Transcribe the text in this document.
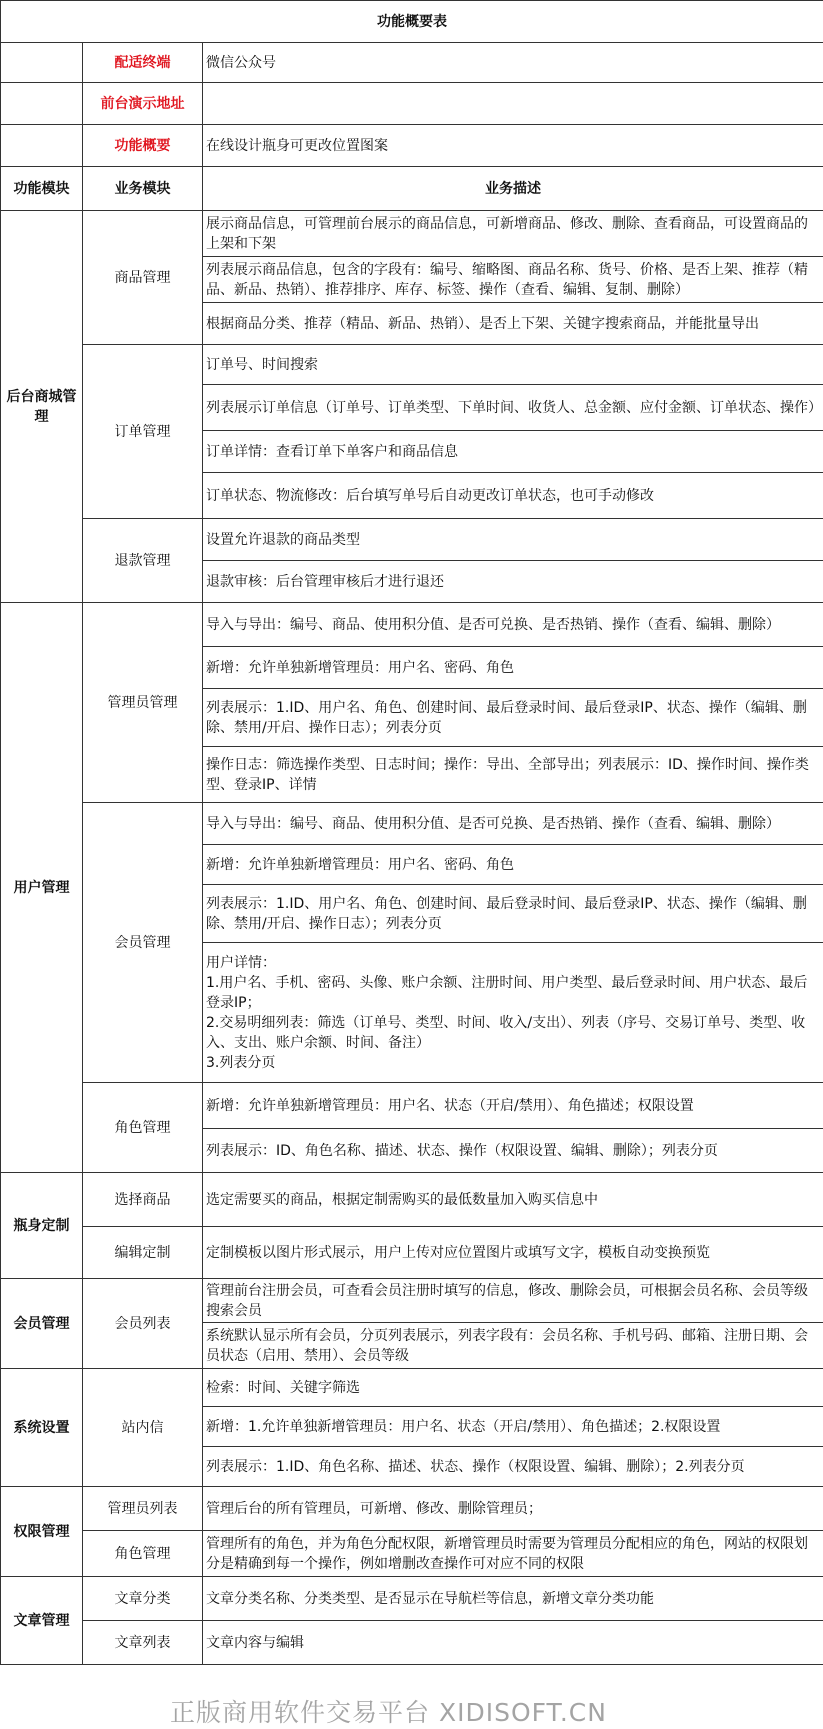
功能概要表		
	配适终端	微信公众号
	前台演示地址	
	功能概要	在线设计瓶身可更改位置图案
功能模块	业务模块	业务描述
后台商城管理	商品管理	展示商品信息，可管理前台展示的商品信息，可新增商品、修改、删除、查看商品，可设置商品的上架和下架
		列表展示商品信息，包含的字段有：编号、缩略图、商品名称、货号、价格、是否上架、推荐（精品、新品、热销）、推荐排序、库存、标签、操作（查看、编辑、复制、删除）
		根据商品分类、推荐（精品、新品、热销）、是否上下架、关键字搜索商品，并能批量导出
	订单管理	订单号、时间搜索
		列表展示订单信息（订单号、订单类型、下单时间、收货人、总金额、应付金额、订单状态、操作）
		订单详情：查看订单下单客户和商品信息
		订单状态、物流修改：后台填写单号后自动更改订单状态，也可手动修改
	退款管理	设置允许退款的商品类型
		退款审核：后台管理审核后才进行退还
用户管理	管理员管理	导入与导出：编号、商品、使用积分值、是否可兑换、是否热销、操作（查看、编辑、删除）
		新增：允许单独新增管理员：用户名、密码、角色
		列表展示：1.ID、用户名、角色、创建时间、最后登录时间、最后登录IP、状态、操作（编辑、删除、禁用/开启、操作日志）；列表分页
		操作日志：筛选操作类型、日志时间；操作：导出、全部导出；列表展示：ID、操作时间、操作类型、登录IP、详情
	会员管理	导入与导出：编号、商品、使用积分值、是否可兑换、是否热销、操作（查看、编辑、删除）
		新增：允许单独新增管理员：用户名、密码、角色
		列表展示：1.ID、用户名、角色、创建时间、最后登录时间、最后登录IP、状态、操作（编辑、删除、禁用/开启、操作日志）；列表分页

		用户详情：
1.用户名、手机、密码、头像、账户余额、注册时间、用户类型、最后登录时间、用户状态、最后登录IP；
2.交易明细列表：筛选（订单号、类型、时间、收入/支出）、列表（序号、交易订单号、类型、收入、支出、账户余额、时间、备注）
3.列表分页

	角色管理	新增：允许单独新增管理员：用户名、状态（开启/禁用）、角色描述；权限设置
		列表展示：ID、角色名称、描述、状态、操作（权限设置、编辑、删除）；列表分页
瓶身定制	选择商品	选定需要买的商品，根据定制需购买的最低数量加入购买信息中
	编辑定制	定制模板以图片形式展示，用户上传对应位置图片或填写文字，模板自动变换预览
会员管理	会员列表	管理前台注册会员，可查看会员注册时填写的信息，修改、删除会员，可根据会员名称、会员等级搜索会员
		系统默认显示所有会员，分页列表展示，列表字段有：会员名称、手机号码、邮箱、注册日期、会员状态（启用、禁用）、会员等级
系统设置	站内信	检索：时间、关键字筛选
		新增：1.允许单独新增管理员：用户名、状态（开启/禁用）、角色描述；2.权限设置
		列表展示：1.ID、角色名称、描述、状态、操作（权限设置、编辑、删除）；2.列表分页
权限管理	管理员列表	管理后台的所有管理员，可新增、修改、删除管理员；
	角色管理	管理所有的角色，并为角色分配权限，新增管理员时需要为管理员分配相应的角色，网站的权限划分是精确到每一个操作，例如增删改查操作可对应不同的权限
文章管理	文章分类	文章分类名称、分类类型、是否显示在导航栏等信息，新增文章分类功能
	文章列表	文章内容与编辑
正版商用软件交易平台 XIDISOFT.CN
